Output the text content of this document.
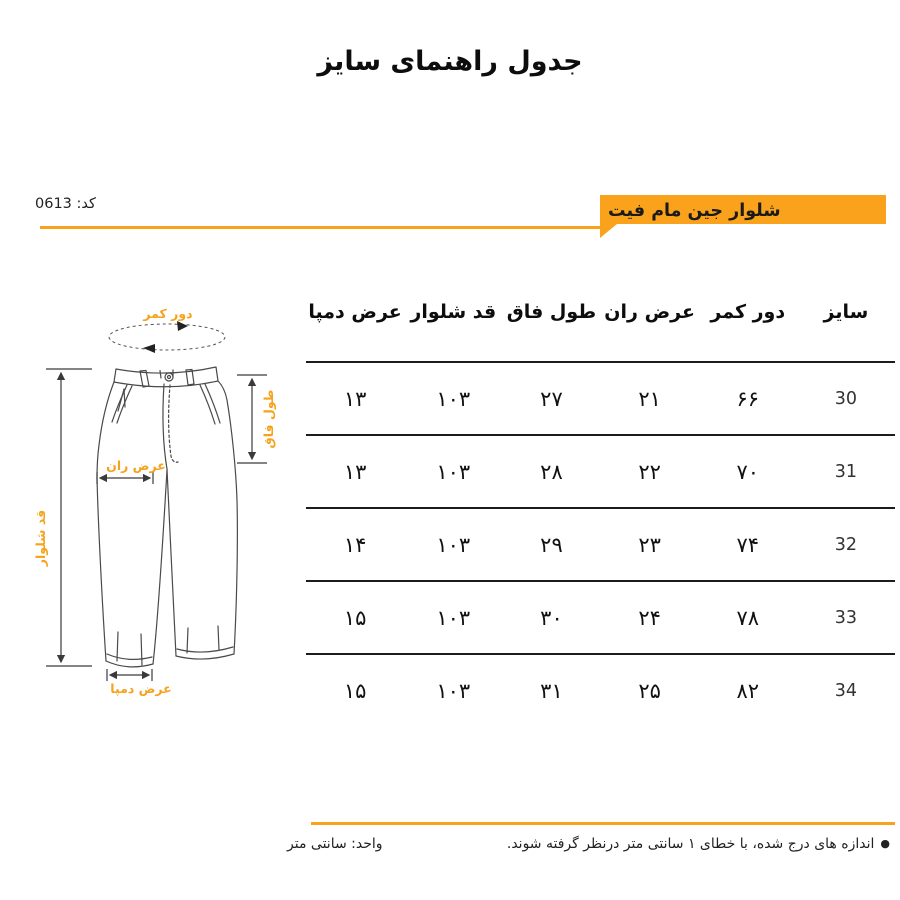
جدول راهنمای سایز
کد: 0613	شلوار جین مام فیت
دور کمر
قد شلوار
طول فاق
عرض ران
عرض دمپا
سایز	دور کمر	عرض ران	طول فاق	قد شلوار	عرض دمپا
30	۶۶	۲۱	۲۷	۱۰۳	۱۳
31	۷۰	۲۲	۲۸	۱۰۳	۱۳
32	۷۴	۲۳	۲۹	۱۰۳	۱۴
33	۷۸	۲۴	۳۰	۱۰۳	۱۵
34	۸۲	۲۵	۳۱	۱۰۳	۱۵
●اندازه های درج شده، با خطای ۱ سانتی متر درنظر گرفته شوند.
واحد: سانتی متر
